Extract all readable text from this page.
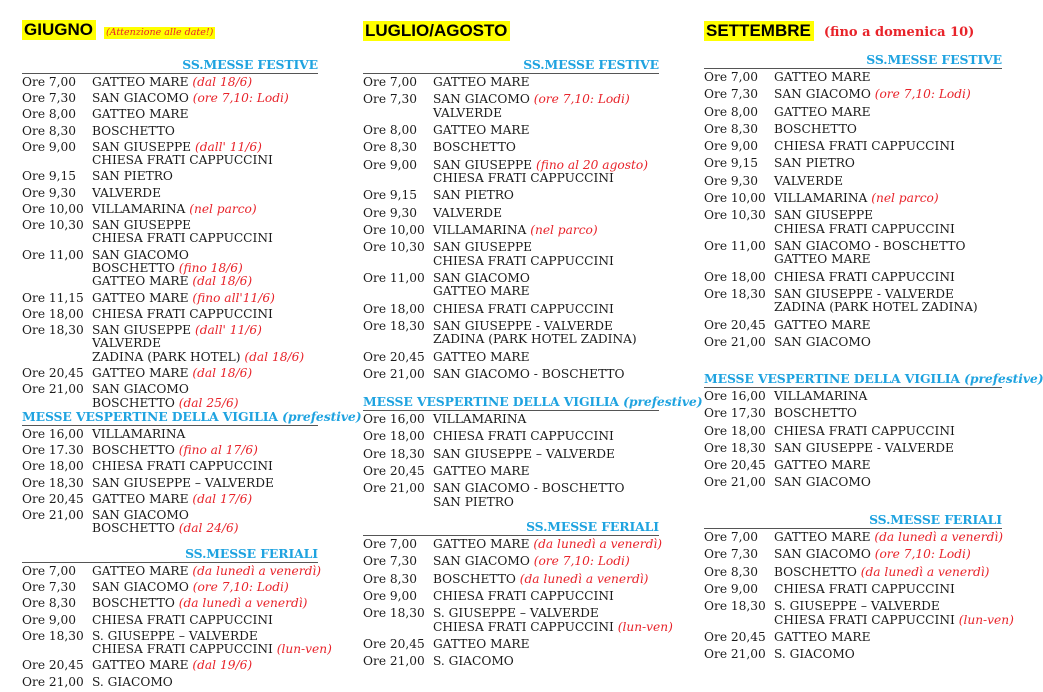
GIUGNO	(Attenzione alle date!)
SS.MESSE FESTIVE
Ore 7,00	GATTEO MARE (dal 18/6)
Ore 7,30	SAN GIACOMO (ore 7,10: Lodi)
Ore 8,00	GATTEO MARE
Ore 8,30	BOSCHETTO
Ore 9,00	SAN GIUSEPPE (dall' 11/6)
CHIESA FRATI CAPPUCCINI
Ore 9,15	SAN PIETRO
Ore 9,30	VALVERDE
Ore 10,00 VILLAMARINA (nel parco)
Ore 10,30 SAN GIUSEPPE
CHIESA FRATI CAPPUCCINI
Ore 11,00 SAN GIACOMO
BOSCHETTO (fino 18/6)
GATTEO MARE (dal 18/6)
Ore 11,15 GATTEO MARE (fino all'11/6)
Ore 18,00 CHIESA FRATI CAPPUCCINI
Ore 18,30 SAN GIUSEPPE (dall' 11/6)
VALVERDE
ZADINA (PARK HOTEL) (dal 18/6)
Ore 20,45 GATTEO MARE (dal 18/6)
Ore 21,00 SAN GIACOMO
BOSCHETTO (dal 25/6)
MESSE VESPERTINE DELLA VIGILIA (prefestive)
Ore 16,00 VILLAMARINA
Ore 17.30 BOSCHETTO (fino al 17/6)
Ore 18,00 CHIESA FRATI CAPPUCCINI
Ore 18,30 SAN GIUSEPPE – VALVERDE
Ore 20,45 GATTEO MARE (dal 17/6)
Ore 21,00 SAN GIACOMO
BOSCHETTO (dal 24/6)
SS.MESSE FERIALI
Ore 7,00	GATTEO MARE (da lunedì a venerdì)
Ore 7,30	SAN GIACOMO (ore 7,10: Lodi)
Ore 8,30	BOSCHETTO (da lunedì a venerdì)
Ore 9,00	CHIESA FRATI CAPPUCCINI
Ore 18,30 S. GIUSEPPE – VALVERDE
CHIESA FRATI CAPPUCCINI (lun-ven)
Ore 20,45 GATTEO MARE (dal 19/6)
Ore 21,00 S. GIACOMO
LUGLIO/AGOSTO
SS.MESSE FESTIVE
Ore 7,00	GATTEO MARE
Ore 7,30	SAN GIACOMO (ore 7,10: Lodi)
VALVERDE
Ore 8,00	GATTEO MARE
Ore 8,30	BOSCHETTO
Ore 9,00	SAN GIUSEPPE (fino al 20 agosto)
CHIESA FRATI CAPPUCCINI
Ore 9,15	SAN PIETRO
Ore 9,30	VALVERDE
Ore 10,00 VILLAMARINA (nel parco)
Ore 10,30 SAN GIUSEPPE
CHIESA FRATI CAPPUCCINI
Ore 11,00 SAN GIACOMO
GATTEO MARE
Ore 18,00 CHIESA FRATI CAPPUCCINI
Ore 18,30 SAN GIUSEPPE - VALVERDE
ZADINA (PARK HOTEL ZADINA)
Ore 20,45 GATTEO MARE
Ore 21,00 SAN GIACOMO - BOSCHETTO
MESSE VESPERTINE DELLA VIGILIA (prefestive)
Ore 16,00 VILLAMARINA
Ore 18,00 CHIESA FRATI CAPPUCCINI
Ore 18,30 SAN GIUSEPPE – VALVERDE
Ore 20,45 GATTEO MARE
Ore 21,00 SAN GIACOMO - BOSCHETTO
SAN PIETRO
SS.MESSE FERIALI
Ore 7,00	GATTEO MARE (da lunedì a venerdì)
Ore 7,30	SAN GIACOMO (ore 7,10: Lodi)
Ore 8,30	BOSCHETTO (da lunedì a venerdì)
Ore 9,00	CHIESA FRATI CAPPUCCINI
Ore 18,30 S. GIUSEPPE – VALVERDE
CHIESA FRATI CAPPUCCINI (lun-ven)
Ore 20,45 GATTEO MARE
Ore 21,00 S. GIACOMO
SETTEMBRE (fino a domenica 10)
SS.MESSE FESTIVE
Ore 7,00	GATTEO MARE
Ore 7,30	SAN GIACOMO (ore 7,10: Lodi)
Ore 8,00	GATTEO MARE
Ore 8,30	BOSCHETTO
Ore 9,00	CHIESA FRATI CAPPUCCINI
Ore 9,15	SAN PIETRO
Ore 9,30	VALVERDE
Ore 10,00 VILLAMARINA (nel parco)
Ore 10,30 SAN GIUSEPPE
CHIESA FRATI CAPPUCCINI
Ore 11,00 SAN GIACOMO - BOSCHETTO
GATTEO MARE
Ore 18,00 CHIESA FRATI CAPPUCCINI
Ore 18,30 SAN GIUSEPPE - VALVERDE
ZADINA (PARK HOTEL ZADINA)
Ore 20,45 GATTEO MARE
Ore 21,00 SAN GIACOMO
MESSE VESPERTINE DELLA VIGILIA (prefestive)
Ore 16,00 VILLAMARINA
Ore 17,30 BOSCHETTO
Ore 18,00 CHIESA FRATI CAPPUCCINI
Ore 18,30 SAN GIUSEPPE - VALVERDE
Ore 20,45 GATTEO MARE
Ore 21,00 SAN GIACOMO
SS.MESSE FERIALI
Ore 7,00	GATTEO MARE (da lunedì a venerdì)
Ore 7,30	SAN GIACOMO (ore 7,10: Lodi)
Ore 8,30	BOSCHETTO (da lunedì a venerdì)
Ore 9,00	CHIESA FRATI CAPPUCCINI
Ore 18,30 S. GIUSEPPE – VALVERDE
CHIESA FRATI CAPPUCCINI (lun-ven)
Ore 20,45 GATTEO MARE
Ore 21,00 S. GIACOMO
